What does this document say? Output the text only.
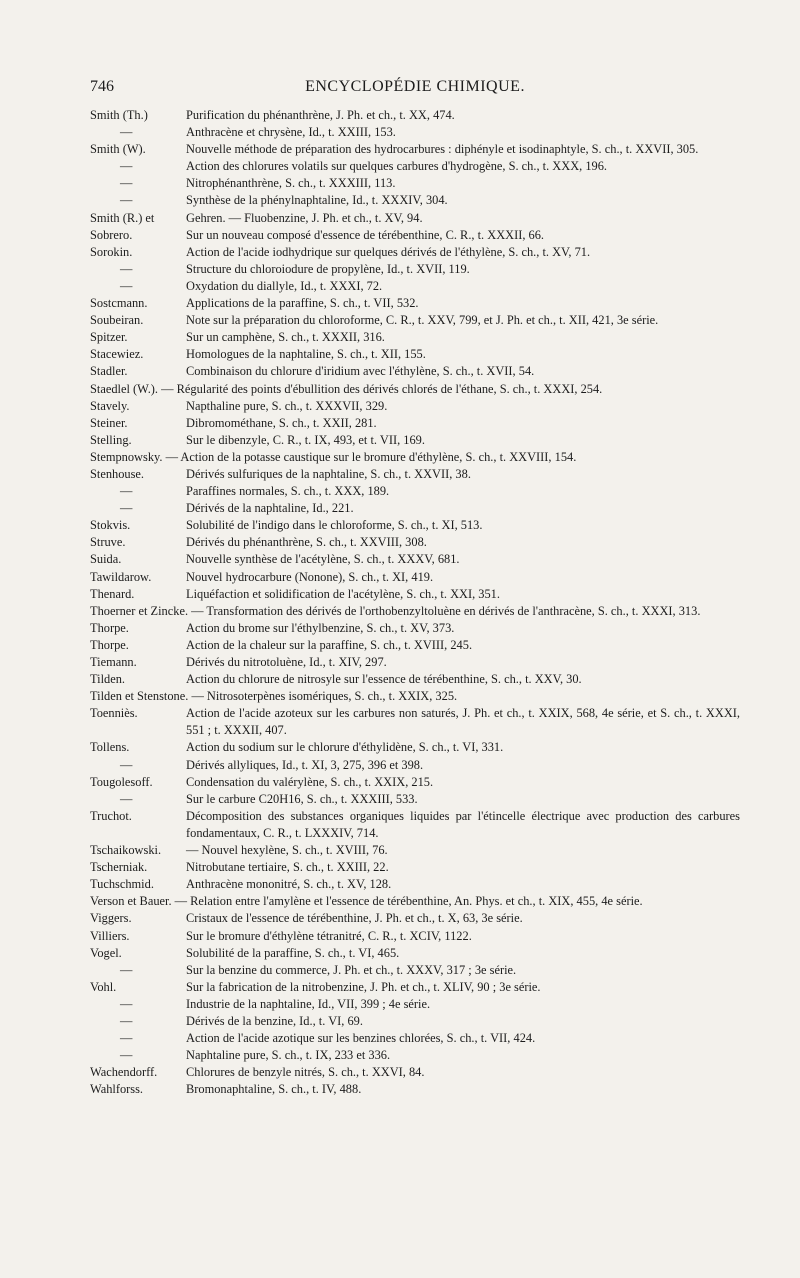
746	ENCYCLOPÉDIE CHIMIQUE.
Smith (Th.)	Purification du phénanthrène, J. Ph. et ch., t. XX, 474.
—	Anthracène et chrysène, Id., t. XXIII, 153.
Smith (W).	Nouvelle méthode de préparation des hydrocarbures : diphényle et isodinaphtyle, S. ch., t. XXVII, 305.
—	Action des chlorures volatils sur quelques carbures d'hydrogène, S. ch., t. XXX, 196.
—	Nitrophénanthrène, S. ch., t. XXXIII, 113.
—	Synthèse de la phénylnaphtaline, Id., t. XXXIV, 304.
Smith (R.) et	Gehren. — Fluobenzine, J. Ph. et ch., t. XV, 94.
Sobrero.	Sur un nouveau composé d'essence de térébenthine, C. R., t. XXXII, 66.
Sorokin.	Action de l'acide iodhydrique sur quelques dérivés de l'éthylène, S. ch., t. XV, 71.
—	Structure du chloroiodure de propylène, Id., t. XVII, 119.
—	Oxydation du diallyle, Id., t. XXXI, 72.
Sostcmann.	Applications de la paraffine, S. ch., t. VII, 532.
Soubeiran.	Note sur la préparation du chloroforme, C. R., t. XXV, 799, et J. Ph. et ch., t. XII, 421, 3e série.
Spitzer.	Sur un camphène, S. ch., t. XXXII, 316.
Stacewiez.	Homologues de la naphtaline, S. ch., t. XII, 155.
Stadler.	Combinaison du chlorure d'iridium avec l'éthylène, S. ch., t. XVII, 54.
Staedlel (W.). — Régularité des points d'ébullition des dérivés chlorés de l'éthane, S. ch., t. XXXI, 254.
Stavely.	Napthaline pure, S. ch., t. XXXVII, 329.
Steiner.	Dibromométhane, S. ch., t. XXII, 281.
Stelling.	Sur le dibenzyle, C. R., t. IX, 493, et t. VII, 169.
Stempnowsky. — Action de la potasse caustique sur le bromure d'éthylène, S. ch., t. XXVIII, 154.
Stenhouse.	Dérivés sulfuriques de la naphtaline, S. ch., t. XXVII, 38.
—	Paraffines normales, S. ch., t. XXX, 189.
—	Dérivés de la naphtaline, Id., 221.
Stokvis.	Solubilité de l'indigo dans le chloroforme, S. ch., t. XI, 513.
Struve.	Dérivés du phénanthrène, S. ch., t. XXVIII, 308.
Suida.	Nouvelle synthèse de l'acétylène, S. ch., t. XXXV, 681.
Tawildarow.	Nouvel hydrocarbure (Nonone), S. ch., t. XI, 419.
Thenard.	Liquéfaction et solidification de l'acétylène, S. ch., t. XXI, 351.
Thoerner et Zincke. — Transformation des dérivés de l'orthobenzyltoluène en dérivés de l'anthracène, S. ch., t. XXXI, 313.
Thorpe.	Action du brome sur l'éthylbenzine, S. ch., t. XV, 373.
Thorpe.	Action de la chaleur sur la paraffine, S. ch., t. XVIII, 245.
Tiemann.	Dérivés du nitrotoluène, Id., t. XIV, 297.
Tilden.	Action du chlorure de nitrosyle sur l'essence de térébenthine, S. ch., t. XXV, 30.
Tilden et Stenstone. — Nitrosoterpènes isomériques, S. ch., t. XXIX, 325.
Toenniès.	Action de l'acide azoteux sur les carbures non saturés, J. Ph. et ch., t. XXIX, 568, 4e série, et S. ch., t. XXXI, 551 ; t. XXXII, 407.
Tollens.	Action du sodium sur le chlorure d'éthylidène, S. ch., t. VI, 331.
—	Dérivés allyliques, Id., t. XI, 3, 275, 396 et 398.
Tougolesoff.	Condensation du valérylène, S. ch., t. XXIX, 215.
—	Sur le carbure C20H16, S. ch., t. XXXIII, 533.
Truchot.	Décomposition des substances organiques liquides par l'étincelle électrique avec production des carbures fondamentaux, C. R., t. LXXXIV, 714.
Tschaikowski. — Nouvel hexylène, S. ch., t. XVIII, 76.
Tscherniak.	Nitrobutane tertiaire, S. ch., t. XXIII, 22.
Tuchschmid.	Anthracène mononitré, S. ch., t. XV, 128.
Verson et Bauer. — Relation entre l'amylène et l'essence de térébenthine, An. Phys. et ch., t. XIX, 455, 4e série.
Viggers.	Cristaux de l'essence de térébenthine, J. Ph. et ch., t. X, 63, 3e série.
Villiers.	Sur le bromure d'éthylène tétranitré, C. R., t. XCIV, 1122.
Vogel.	Solubilité de la paraffine, S. ch., t. VI, 465.
—	Sur la benzine du commerce, J. Ph. et ch., t. XXXV, 317 ; 3e série.
Vohl.	Sur la fabrication de la nitrobenzine, J. Ph. et ch., t. XLIV, 90 ; 3e série.
—	Industrie de la naphtaline, Id., VII, 399 ; 4e série.
—	Dérivés de la benzine, Id., t. VI, 69.
—	Action de l'acide azotique sur les benzines chlorées, S. ch., t. VII, 424.
—	Naphtaline pure, S. ch., t. IX, 233 et 336.
Wachendorff. Chlorures de benzyle nitrés, S. ch., t. XXVI, 84.
Wahlforss.	Bromonaphtaline, S. ch., t. IV, 488.
